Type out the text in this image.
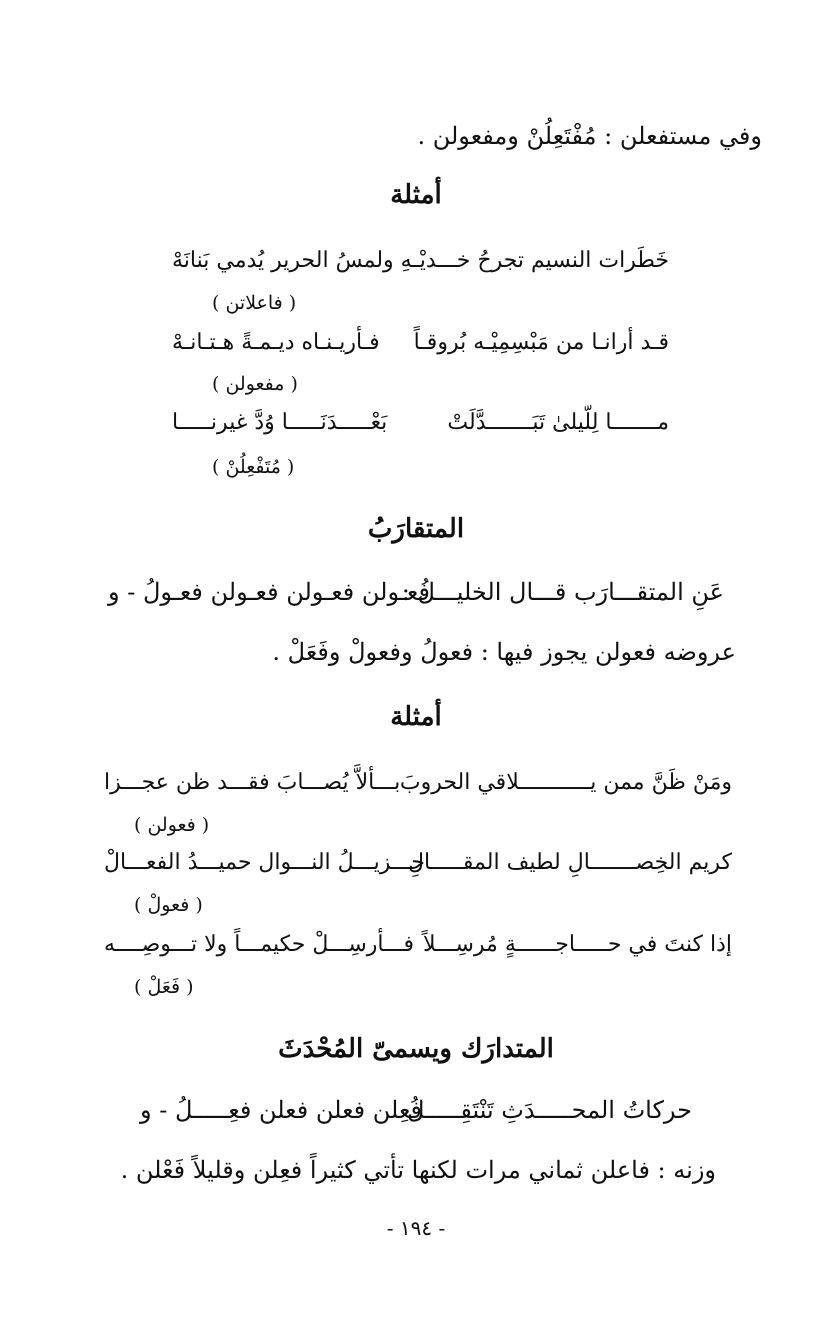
وفي مستفعلن : مُفْتَعِلُنْ ومفعولن .
أمثلة
خَطَرات النسيم تجرحُ خـــديْـ
ـهِ ولمسُ الحرير يُدمي بَنانَهْ
( فاعلاتن )
قـد أرانـا من مَبْسِمِيْـه بُروقـاً
فـأريـنـاه ديـمـةً هـتـانـهْ
( مفعولن )
مـــــــا لِلّيلىٰ تَبَـــــــدَّلَتْ
بَعْـــــدَنَـــــا وُدَّ غيرنـــــا
( مُتَفْعِلُنْ )
المتقارَبُ
عَنِ المتقـــارَب قـــال الخليـــلُ :
فعـولن فعـولن فعـولن فعـولُ - و
عروضه فعولن يجوز فيها : فعولُ وفعولْ وفَعَلْ .
أمثلة
ومَنْ ظَنَّ ممن يـــــــــــلاقي الحروبَ
بـــألاَّ يُصـــابَ فقـــد ظن عجـــزا
( فعولن )
كريم الخِصـــــــالِ لطيف المقـــــالِ
جـــزيـــلُ النـــوال حميـــدُ الفعـــالْ
( فعولْ )
إذا كنتَ في حـــــاجــــــةٍ مُرسِـــلاً
فـــأرسِـــلْ حكيمـــاً ولا تـــوصِــــه
( فَعَلْ )
المتدارَك ويسمىّ المُحْدَثَ
حركاتُ المحـــــدَثِ تَنْتَقِـــــلُ
فعِلن فعلن فعلن فعِـــــلُ - و
وزنه : فاعلن ثماني مرات لكنها تأتي كثيراً فعِلن وقليلاً فَعْلن .
- ١٩٤ -
